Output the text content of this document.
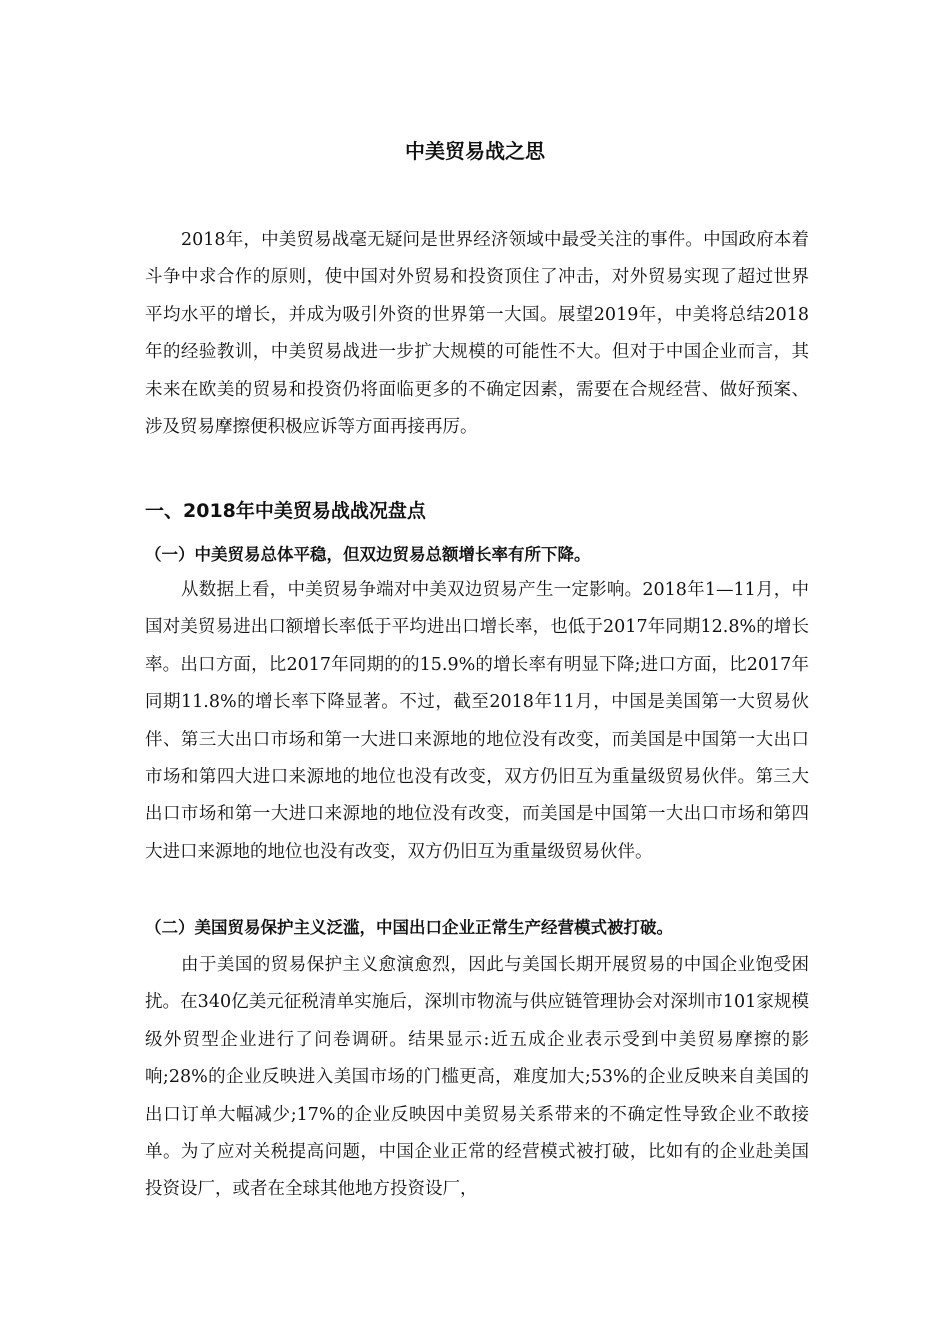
中美贸易战之思

2018年，中美贸易战毫无疑问是世界经济领域中最受关注的事件。中国政府本着斗争中求合作的原则，使中国对外贸易和投资顶住了冲击，对外贸易实现了超过世界平均水平的增长，并成为吸引外资的世界第一大国。展望2019年，中美将总结2018年的经验教训，中美贸易战进一步扩大规模的可能性不大。但对于中国企业而言，其未来在欧美的贸易和投资仍将面临更多的不确定因素，需要在合规经营、做好预案、涉及贸易摩擦便积极应诉等方面再接再厉。

一、2018年中美贸易战战况盘点
（一）中美贸易总体平稳，但双边贸易总额增长率有所下降。

从数据上看，中美贸易争端对中美双边贸易产生一定影响。2018年1—11月，中国对美贸易进出口额增长率低于平均进出口增长率，也低于2017年同期12.8%的增长率。出口方面，比2017年同期的的15.9%的增长率有明显下降;进口方面，比2017年同期11.8%的增长率下降显著。不过，截至2018年11月，中国是美国第一大贸易伙伴、第三大出口市场和第一大进口来源地的地位没有改变，而美国是中国第一大出口市场和第四大进口来源地的地位也没有改变，双方仍旧互为重量级贸易伙伴。第三大出口市场和第一大进口来源地的地位没有改变，而美国是中国第一大出口市场和第四大进口来源地的地位也没有改变，双方仍旧互为重量级贸易伙伴。

（二）美国贸易保护主义泛滥，中国出口企业正常生产经营模式被打破。

由于美国的贸易保护主义愈演愈烈，因此与美国长期开展贸易的中国企业饱受困扰。在340亿美元征税清单实施后，深圳市物流与供应链管理协会对深圳市101家规模级外贸型企业进行了问卷调研。结果显示:近五成企业表示受到中美贸易摩擦的影响;28%的企业反映进入美国市场的门槛更高，难度加大;53%的企业反映来自美国的出口订单大幅减少;17%的企业反映因中美贸易关系带来的不确定性导致企业不敢接单。为了应对关税提高问题，中国企业正常的经营模式被打破，比如有的企业赴美国投资设厂，或者在全球其他地方投资设厂，
